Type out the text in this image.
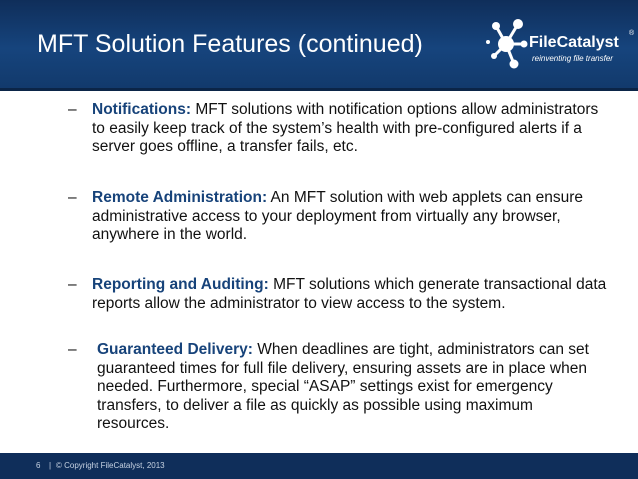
MFT Solution Features (continued)	FileCatalyst
®
reinventing file transfer
– Notifications: MFT solutions with notification options allow administrators to easily keep track of the system’s health with pre-configured alerts if a server goes offline, a transfer fails, etc.
– Remote Administration: An MFT solution with web applets can ensure administrative access to your deployment from virtually any browser, anywhere in the world.
– Reporting and Auditing: MFT solutions which generate transactional data reports allow the administrator to view access to the system.
– Guaranteed Delivery: When deadlines are tight, administrators can set guaranteed times for full file delivery, ensuring assets are in place when needed. Furthermore, special “ASAP” settings exist for emergency transfers, to deliver a file as quickly as possible using maximum resources.
6 | © Copyright FileCatalyst, 2013
